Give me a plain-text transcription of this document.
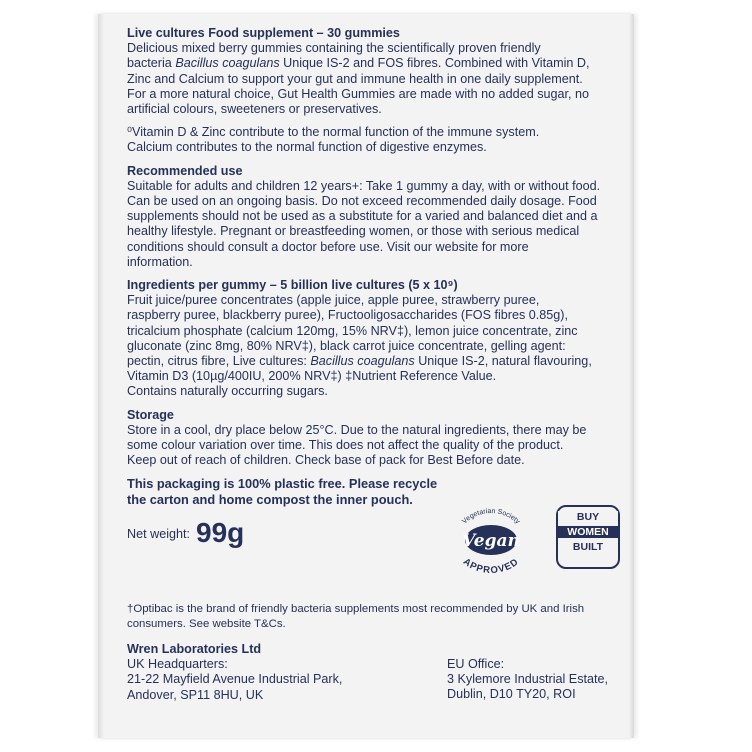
Live cultures Food supplement – 30 gummies

Delicious mixed berry gummies containing the scientifically proven friendly

bacteria Bacillus coagulans Unique IS-2 and FOS fibres. Combined with Vitamin D,

Zinc and Calcium to support your gut and immune health in one daily supplement.

For a more natural choice, Gut Health Gummies are made with no added sugar, no

artificial colours, sweeteners or preservatives.

⁰Vitamin D & Zinc contribute to the normal function of the immune system.

Calcium contributes to the normal function of digestive enzymes.

Recommended use

Suitable for adults and children 12 years+: Take 1 gummy a day, with or without food.

Can be used on an ongoing basis. Do not exceed recommended daily dosage. Food

supplements should not be used as a substitute for a varied and balanced diet and a

healthy lifestyle. Pregnant or breastfeeding women, or those with serious medical

conditions should consult a doctor before use. Visit our website for more

information.

Ingredients per gummy – 5 billion live cultures (5 x 10⁹)

Fruit juice/puree concentrates (apple juice, apple puree, strawberry puree,

raspberry puree, blackberry puree), Fructooligosaccharides (FOS fibres 0.85g),

tricalcium phosphate (calcium 120mg, 15% NRV‡), lemon juice concentrate, zinc

gluconate (zinc 8mg, 80% NRV‡), black carrot juice concentrate, gelling agent:

pectin, citrus fibre, Live cultures: Bacillus coagulans Unique IS-2, natural flavouring,

Vitamin D3 (10µg/400IU, 200% NRV‡) ‡Nutrient Reference Value.

Contains naturally occurring sugars.

Storage

Store in a cool, dry place below 25°C. Due to the natural ingredients, there may be

some colour variation over time. This does not affect the quality of the product.

Keep out of reach of children. Check base of pack for Best Before date.

This packaging is 100% plastic free. Please recycle

the carton and home compost the inner pouch.

Net weight: 99g	Vegetarian Society
Vegan
APPROVED
BUY
WOMEN
BUILT
†Optibac is the brand of friendly bacteria supplements most recommended by UK and Irish
consumers. See website T&Cs.
Wren Laboratories Ltd
UK Headquarters:
21-22 Mayfield Avenue Industrial Park,
Andover, SP11 8HU, UK
EU Office:
3 Kylemore Industrial Estate,
Dublin, D10 TY20, ROI
